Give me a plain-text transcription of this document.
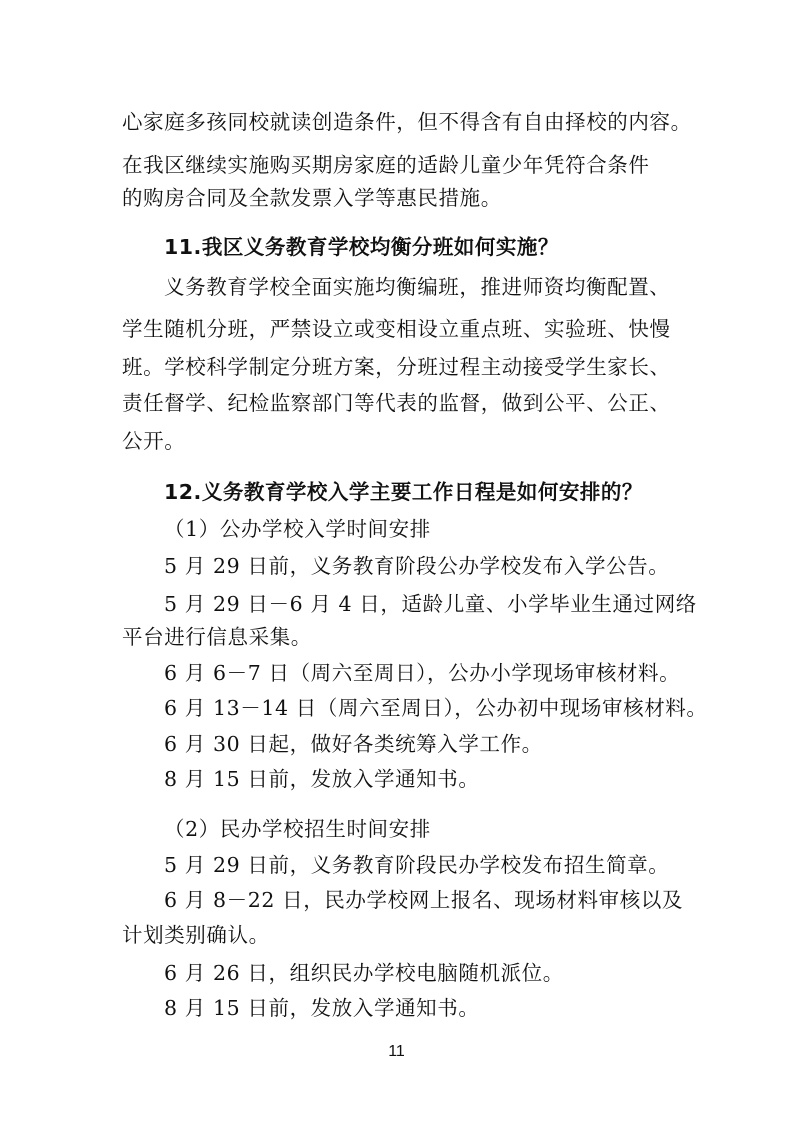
心家庭多孩同校就读创造条件，但不得含有自由择校的内容。
在我区继续实施购买期房家庭的适龄儿童少年凭符合条件
的购房合同及全款发票入学等惠民措施。
11.我区义务教育学校均衡分班如何实施？
义务教育学校全面实施均衡编班，推进师资均衡配置、
学生随机分班，严禁设立或变相设立重点班、实验班、快慢
班。学校科学制定分班方案，分班过程主动接受学生家长、
责任督学、纪检监察部门等代表的监督，做到公平、公正、
公开。
12.义务教育学校入学主要工作日程是如何安排的？
（1）公办学校入学时间安排
5 月 29 日前，义务教育阶段公办学校发布入学公告。
5 月 29 日－6 月 4 日，适龄儿童、小学毕业生通过网络
平台进行信息采集。
6 月 6－7 日（周六至周日），公办小学现场审核材料。
6 月 13－14 日（周六至周日），公办初中现场审核材料。
6 月 30 日起，做好各类统筹入学工作。
8 月 15 日前，发放入学通知书。
（2）民办学校招生时间安排
5 月 29 日前，义务教育阶段民办学校发布招生简章。
6 月 8－22 日，民办学校网上报名、现场材料审核以及
计划类别确认。
6 月 26 日，组织民办学校电脑随机派位。
8 月 15 日前，发放入学通知书。
11
